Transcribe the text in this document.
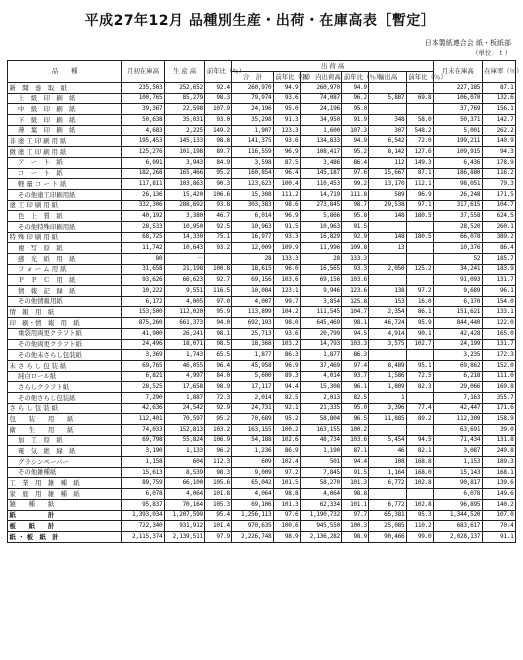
平成27年12月 品種別生産・出荷・在庫高表［暫定］
日本製紙連合会 紙・板紙部
（単位：ｔ）
品　　種	月初在庫高	生 産 高	前年比（％）	出 荷 高						月末在庫高	在庫率（％）
				合　計	前年比（％）	国　内出荷高	前年比（％）	輸出高	前年比（％）		
新　聞　巻　取　紙	235,503	252,652	92.4	260,970	94.9	260,970	94.9			227,185	87.1
上　級　印　刷　紙	100,765	85,279	98.3	79,974	93.6	74,087	96.2	5,887	69.8	106,070	132.6
中　級　印　刷　紙	39,367	22,598	107.9	24,196	95.0	24,196	95.0			37,769	156.1
下　級　印　刷　紙	50,638	35,031	93.0	35,298	91.3	34,950	91.9	348	58.0	50,371	142.7
薄　葉　印　刷　紙	4,683	2,225	149.2	1,907	123.3	1,600	107.3	307	548.2	5,001	262.2
非 塗 工 印 刷 用 紙	195,453	145,133	98.8	141,375	93.6	134,833	94.9	6,542	72.0	199,211	140.9
微 塗 工 印 刷 用 紙	125,276	101,198	89.7	116,559	96.9	108,417	95.2	8,142	127.6	109,915	94.3
ア　ー　ト　紙	6,091	3,943	84.9	3,598	87.5	3,486	86.4	112	149.3	6,436	178.9
コ　ー　ト　紙	182,268	165,466	95.2	160,854	96.4	145,187	97.6	15,667	87.1	186,880	116.2
軽 量 コ ー ト 紙	117,811	103,863	90.3	123,623	100.4	110,453	99.2	13,170	112.1	98,051	79.3
その他塗工印刷用紙	26,136	15,420	106.6	15,308	111.2	14,719	111.8	589	96.9	26,248	171.5
塗 工 印 刷 用 紙	332,306	288,692	93.8	303,383	98.6	273,845	98.7	29,538	97.1	317,615	104.7
色　上　質　紙	40,192	3,380	46.7	6,014	96.9	5,866	95.8	148	180.5	37,558	624.5
その他特殊印刷用紙	28,533	10,950	92.5	10,963	91.5	10,963	91.5			28,520	260.1
特 殊 印 刷 用 紙	68,725	14,330	75.1	16,977	93.3	16,829	92.9	148	180.5	66,078	389.2
複　写　原　紙	11,742	10,643	93.2	12,009	109.9	11,996	109.8	13		10,376	86.4
感　光　紙　用　紙	80	－		28	133.3	28	133.3			52	185.7
フ ォ ー ム 用 紙	31,658	21,198	100.8	18,615	96.0	16,565	93.3	2,050	125.2	34,241	183.9
Ｐ　Ｐ　Ｃ　用　紙	93,626	66,623	92.7	69,156	103.6	69,156	103.6			91,093	131.7
情　報　記　録　紙	10,222	9,551	116.5	10,084	123.1	9,946	123.6	138	97.2	9,689	96.1
その他情報用紙	6,172	4,005	97.0	4,007	99.7	3,854	125.8	153	16.0	6,170	154.0
情　報　用　紙	153,500	112,020	95.9	113,899	104.2	111,545	104.7	2,354	86.1	151,621	133.1
印　刷・情　報　用　紙	875,260	661,373	94.0	692,193	98.0	645,469	98.1	46,724	95.9	844,440	122.0
重袋用両更クラフト紙	41,900	26,241	98.1	25,713	93.6	20,799	94.5	4,914	90.1	42,428	165.0
その他両更クラフト紙	24,496	18,071	98.5	18,368	103.2	14,793	103.3	3,575	102.7	24,199	131.7
その他未さらし包装紙	3,369	1,743	65.5	1,877	86.3	1,877	86.3			3,235	172.3
未 さ ら し 包 装 紙	69,765	46,055	96.4	45,958	96.9	37,469	97.4	8,489	95.1	69,862	152.0
純白ロール紙	6,821	4,997	84.0	5,600	89.3	4,014	93.7	1,586	72.5	6,218	111.0
さらしクラフト紙	28,525	17,658	98.9	17,117	94.4	15,308	96.1	1,809	82.3	29,066	169.8
その他さらし包装紙	7,290	1,887	72.3	2,014	82.5	2,013	82.5	1		7,163	355.7
さ ら し 包 装 紙	42,636	24,542	92.9	24,731	92.1	21,335	95.0	3,396	77.4	42,447	171.6
包　　装　　用　　紙	112,401	70,597	95.2	70,689	95.2	58,804	96.5	11,885	89.2	112,309	158.9
衛　　生　　用　　紙	74,033	152,813	103.2	163,155	100.2	163,155	100.2			63,691	39.0
加　工　原　紙	69,798	55,824	106.9	54,188	102.6	48,734	103.6	5,454	94.5	71,434	131.8
電　気　絶　縁　紙	3,190	1,133	96.2	1,236	86.9	1,190	87.1	46	82.1	3,087	249.8
グラシンペーパー	1,158	604	112.3	609	102.4	501	94.4	108	168.8	1,153	189.3
その他雑種紙	15,613	8,539	98.3	9,009	97.2	7,845	91.5	1,164	168.0	15,143	168.1
工　業　用　雑　種　紙	89,759	66,100	105.6	65,042	101.5	58,270	101.3	6,772	102.8	90,817	139.6
家　庭　用　雑　種　紙	6,078	4,064	101.8	4,064	98.8	4,064	98.8			6,078	149.6
雑　　種　　紙	95,837	70,164	105.3	69,106	101.3	62,334	101.1	6,772	102.8	96,895	140.2
紙　　　　　計	1,393,034	1,207,599	95.4	1,256,113	97.6	1,190,732	97.7	65,381	95.3	1,344,520	107.0
板　　紙　　計	722,340	931,912	101.4	970,635	100.6	945,550	100.3	25,085	110.2	683,617	70.4
紙 ・ 板　紙　計	2,115,374	2,139,511	97.9	2,226,748	98.9	2,136,282	98.9	90,466	99.0	2,028,137	91.1
